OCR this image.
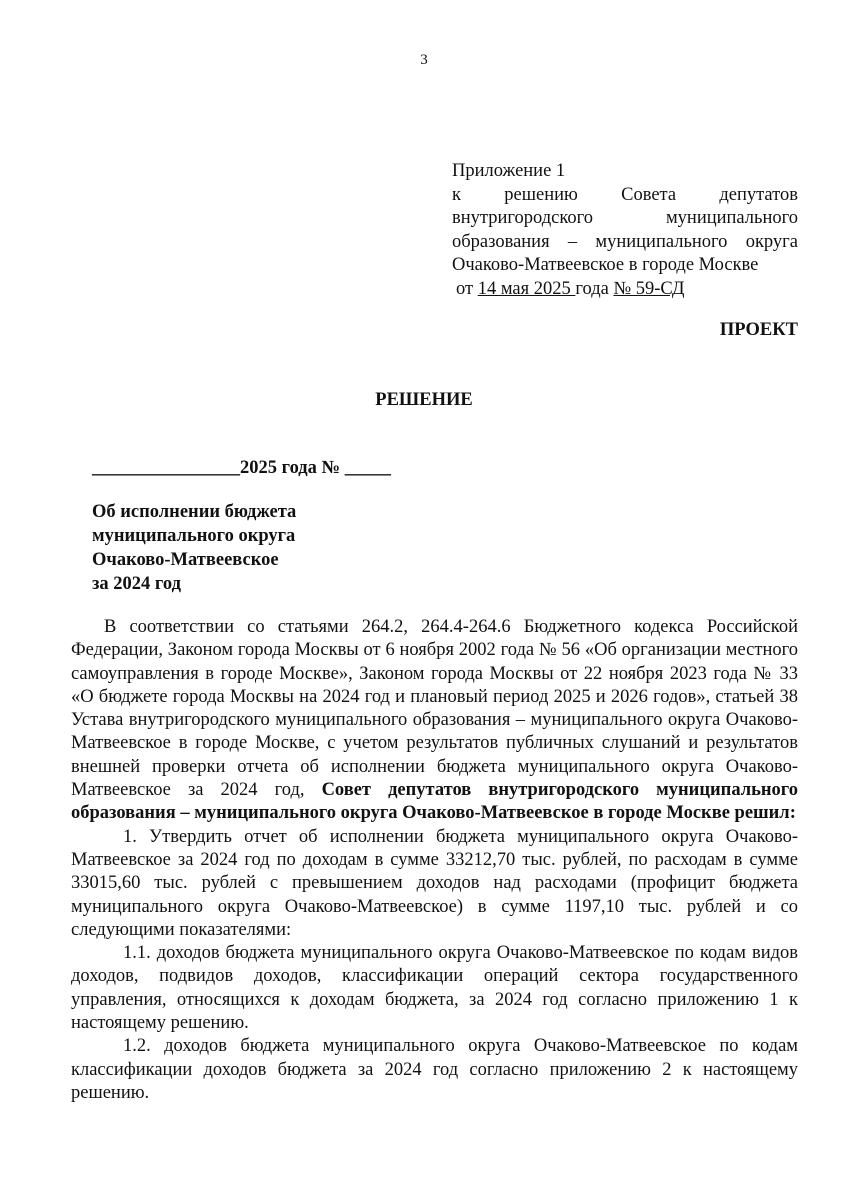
3
Приложение 1
к решению Совета депутатов
внутригородского муниципального
образования – муниципального округа
Очаково-Матвеевское в городе Москве
от 14 мая 2025 года № 59-СД
ПРОЕКТ
РЕШЕНИЕ
________________2025 года № _____
Об исполнении бюджета
муниципального округа
Очаково-Матвеевское
за 2024 год

В соответствии со статьями 264.2, 264.4-264.6 Бюджетного кодекса Российской Федерации, Законом города Москвы от 6 ноября 2002 года № 56 «Об организации местного самоуправления в городе Москве», Законом города Москвы от 22 ноября 2023 года № 33 «О бюджете города Москвы на 2024 год и плановый период 2025 и 2026 годов», статьей 38 Устава внутригородского муниципального образования – муниципального округа Очаково-Матвеевское в городе Москве, с учетом результатов публичных слушаний и результатов внешней проверки отчета об исполнении бюджета муниципального округа Очаково-Матвеевское за 2024 год, Совет депутатов внутригородского муниципального образования – муниципального округа Очаково-Матвеевское в городе Москве решил:

1. Утвердить отчет об исполнении бюджета муниципального округа Очаково-Матвеевское за 2024 год по доходам в сумме 33212,70 тыс. рублей, по расходам в сумме 33015,60 тыс. рублей с превышением доходов над расходами (профицит бюджета муниципального округа Очаково-Матвеевское) в сумме 1197,10 тыс. рублей и со следующими показателями:

1.1. доходов бюджета муниципального округа Очаково-Матвеевское по кодам видов доходов, подвидов доходов, классификации операций сектора государственного управления, относящихся к доходам бюджета, за 2024 год согласно приложению 1 к настоящему решению.

1.2. доходов бюджета муниципального округа Очаково-Матвеевское по кодам классификации доходов бюджета за 2024 год согласно приложению 2 к настоящему решению.
